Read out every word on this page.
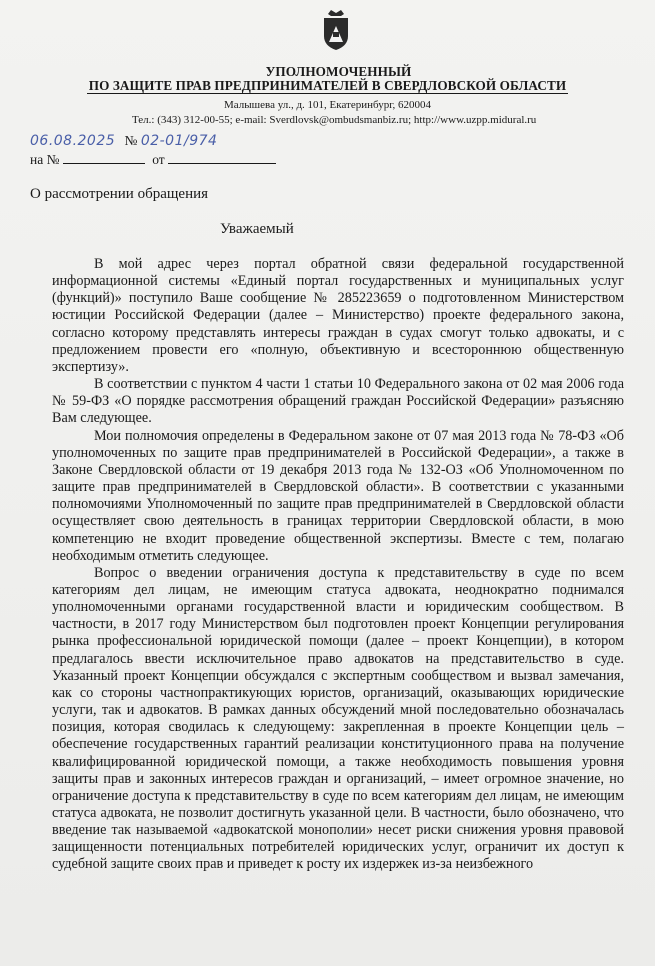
УПОЛНОМОЧЕННЫЙ
ПО ЗАЩИТЕ ПРАВ ПРЕДПРИНИМАТЕЛЕЙ В СВЕРДЛОВСКОЙ ОБЛАСТИ
Малышева ул., д. 101, Екатеринбург, 620004
Тел.: (343) 312-00-55; e-mail: Sverdlovsk@ombudsmanbiz.ru; http://www.uzpp.midural.ru
06.08.2025 № 02-01/974
на №	от
О рассмотрении обращения
Уважаемый

В мой адрес через портал обратной связи федеральной государственной информационной системы «Единый портал государственных и муниципальных услуг (функций)» поступило Ваше сообщение № 285223659 о подготовленном Министерством юстиции Российской Федерации (далее – Министерство) проекте федерального закона, согласно которому представлять интересы граждан в судах смогут только адвокаты, и с предложением провести его «полную, объективную и всестороннюю общественную экспертизу».

В соответствии с пунктом 4 части 1 статьи 10 Федерального закона от 02 мая 2006 года № 59-ФЗ «О порядке рассмотрения обращений граждан Российской Федерации» разъясняю Вам следующее.

Мои полномочия определены в Федеральном законе от 07 мая 2013 года № 78-ФЗ «Об уполномоченных по защите прав предпринимателей в Российской Федерации», а также в Законе Свердловской области от 19 декабря 2013 года № 132-ОЗ «Об Уполномоченном по защите прав предпринимателей в Свердловской области». В соответствии с указанными полномочиями Уполномоченный по защите прав предпринимателей в Свердловской области осуществляет свою деятельность в границах территории Свердловской области, в мою компетенцию не входит проведение общественной экспертизы. Вместе с тем, полагаю необходимым отметить следующее.

Вопрос о введении ограничения доступа к представительству в суде по всем категориям дел лицам, не имеющим статуса адвоката, неоднократно поднимался уполномоченными органами государственной власти и юридическим сообществом. В частности, в 2017 году Министерством был подготовлен проект Концепции регулирования рынка профессиональной юридической помощи (далее – проект Концепции), в котором предлагалось ввести исключительное право адвокатов на представительство в суде. Указанный проект Концепции обсуждался с экспертным сообществом и вызвал замечания, как со стороны частнопрактикующих юристов, организаций, оказывающих юридические услуги, так и адвокатов. В рамках данных обсуждений мной последовательно обозначалась позиция, которая сводилась к следующему: закрепленная в проекте Концепции цель – обеспечение государственных гарантий реализации конституционного права на получение квалифицированной юридической помощи, а также необходимость повышения уровня защиты прав и законных интересов граждан и организаций, – имеет огромное значение, но ограничение доступа к представительству в суде по всем категориям дел лицам, не имеющим статуса адвоката, не позволит достигнуть указанной цели. В частности, было обозначено, что введение так называемой «адвокатской монополии» несет риски снижения уровня правовой защищенности потенциальных потребителей юридических услуг, ограничит их доступ к судебной защите своих прав и приведет к росту их издержек из-за неизбежного
